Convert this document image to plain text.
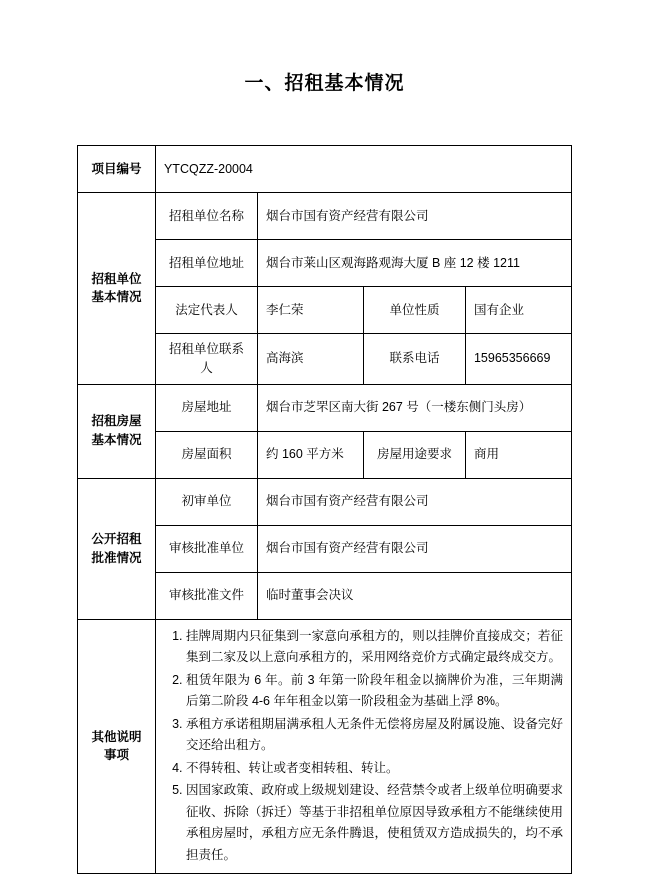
一、招租基本情况
项目编号	YTCQZZ-20004			
招租单位
基本情况	招租单位名称	烟台市国有资产经营有限公司		
	招租单位地址	烟台市莱山区观海路观海大厦 B 座 12 楼 1211		
	法定代表人	李仁荣	单位性质	国有企业
	招租单位联系人	高海滨	联系电话	15965356669
招租房屋
基本情况	房屋地址	烟台市芝罘区南大街 267 号（一楼东侧门头房）		
	房屋面积	约 160 平方米	房屋用途要求	商用
公开招租
批准情况	初审单位	烟台市国有资产经营有限公司		
	审核批准单位	烟台市国有资产经营有限公司		
	审核批准文件	临时董事会决议		
其他说明
事项	
1. 挂牌周期内只征集到一家意向承租方的，则以挂牌价直接成交；若征集到二家及以上意向承租方的，采用网络竞价方式确定最终成交方。
2. 租赁年限为 6 年。前 3 年第一阶段年租金以摘牌价为准，三年期满后第二阶段 4-6 年年租金以第一阶段租金为基础上浮 8%。
3. 承租方承诺租期届满承租人无条件无偿将房屋及附属设施、设备完好交还给出租方。
4. 不得转租、转让或者变相转租、转让。
5. 因国家政策、政府或上级规划建设、经营禁令或者上级单位明确要求征收、拆除（拆迁）等基于非招租单位原因导致承租方不能继续使用承租房屋时，承租方应无条件腾退，使租赁双方造成损失的，均不承担责任。
